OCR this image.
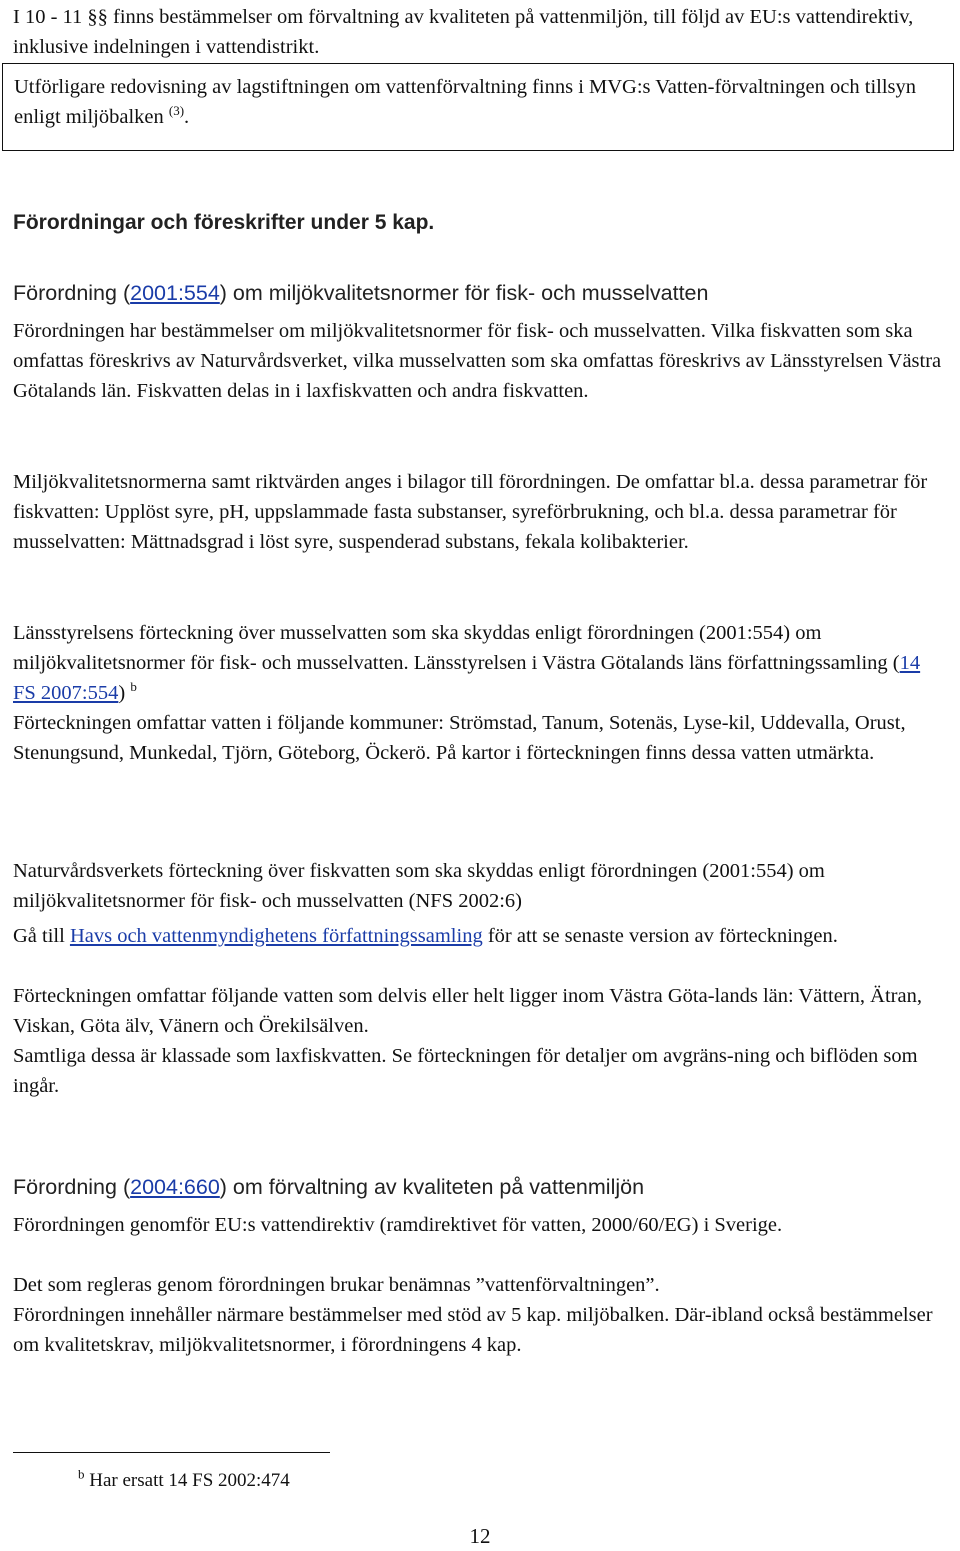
I 10 - 11 §§ finns bestämmelser om förvaltning av kvaliteten på vattenmiljön, till följd av EU:s vattendirektiv, inklusive indelningen i vattendistrikt.

Utförligare redovisning av lagstiftningen om vattenförvaltning finns i MVG:s Vatten-förvaltningen och tillsyn enligt miljöbalken $^{(3)}$.

Förordningar och föreskrifter under 5 kap.
Förordning (2001:554) om miljökvalitetsnormer för fisk- och musselvatten

Förordningen har bestämmelser om miljökvalitetsnormer för fisk- och musselvatten. Vilka fiskvatten som ska omfattas föreskrivs av Naturvårdsverket, vilka musselvatten som ska omfattas föreskrivs av Länsstyrelsen Västra Götalands län. Fiskvatten delas in i laxfiskvatten och andra fiskvatten.

Miljökvalitetsnormerna samt riktvärden anges i bilagor till förordningen. De omfattar bl.a. dessa parametrar för fiskvatten: Upplöst syre, pH, uppslammade fasta substanser, syreförbrukning, och bl.a. dessa parametrar för musselvatten: Mättnadsgrad i löst syre, suspenderad substans, fekala kolibakterier.

Länsstyrelsens förteckning över musselvatten som ska skyddas enligt förordningen (2001:554) om miljökvalitetsnormer för fisk- och musselvatten. Länsstyrelsen i Västra Götalands läns författningssamling (14 FS 2007:554) $^b$

Förteckningen omfattar vatten i följande kommuner: Strömstad, Tanum, Sotenäs, Lyse-kil, Uddevalla, Orust, Stenungsund, Munkedal, Tjörn, Göteborg, Öckerö. På kartor i förteckningen finns dessa vatten utmärkta.

Naturvårdsverkets förteckning över fiskvatten som ska skyddas enligt förordningen (2001:554) om miljökvalitetsnormer för fisk- och musselvatten (NFS 2002:6)

Gå till Havs och vattenmyndighetens författningssamling för att se senaste version av förteckningen.

Förteckningen omfattar följande vatten som delvis eller helt ligger inom Västra Göta-lands län: Vättern, Ätran, Viskan, Göta älv, Vänern och Örekilsälven.

Samtliga dessa är klassade som laxfiskvatten. Se förteckningen för detaljer om avgräns-ning och biflöden som ingår.

Förordning (2004:660) om förvaltning av kvaliteten på vattenmiljön

Förordningen genomför EU:s vattendirektiv (ramdirektivet för vatten, 2000/60/EG) i Sverige.

Det som regleras genom förordningen brukar benämnas ”vattenförvaltningen”.

Förordningen innehåller närmare bestämmelser med stöd av 5 kap. miljöbalken. Där-ibland också bestämmelser om kvalitetskrav, miljökvalitetsnormer, i förordningens 4 kap.

$^b$ Har ersatt 14 FS 2002:474
12
